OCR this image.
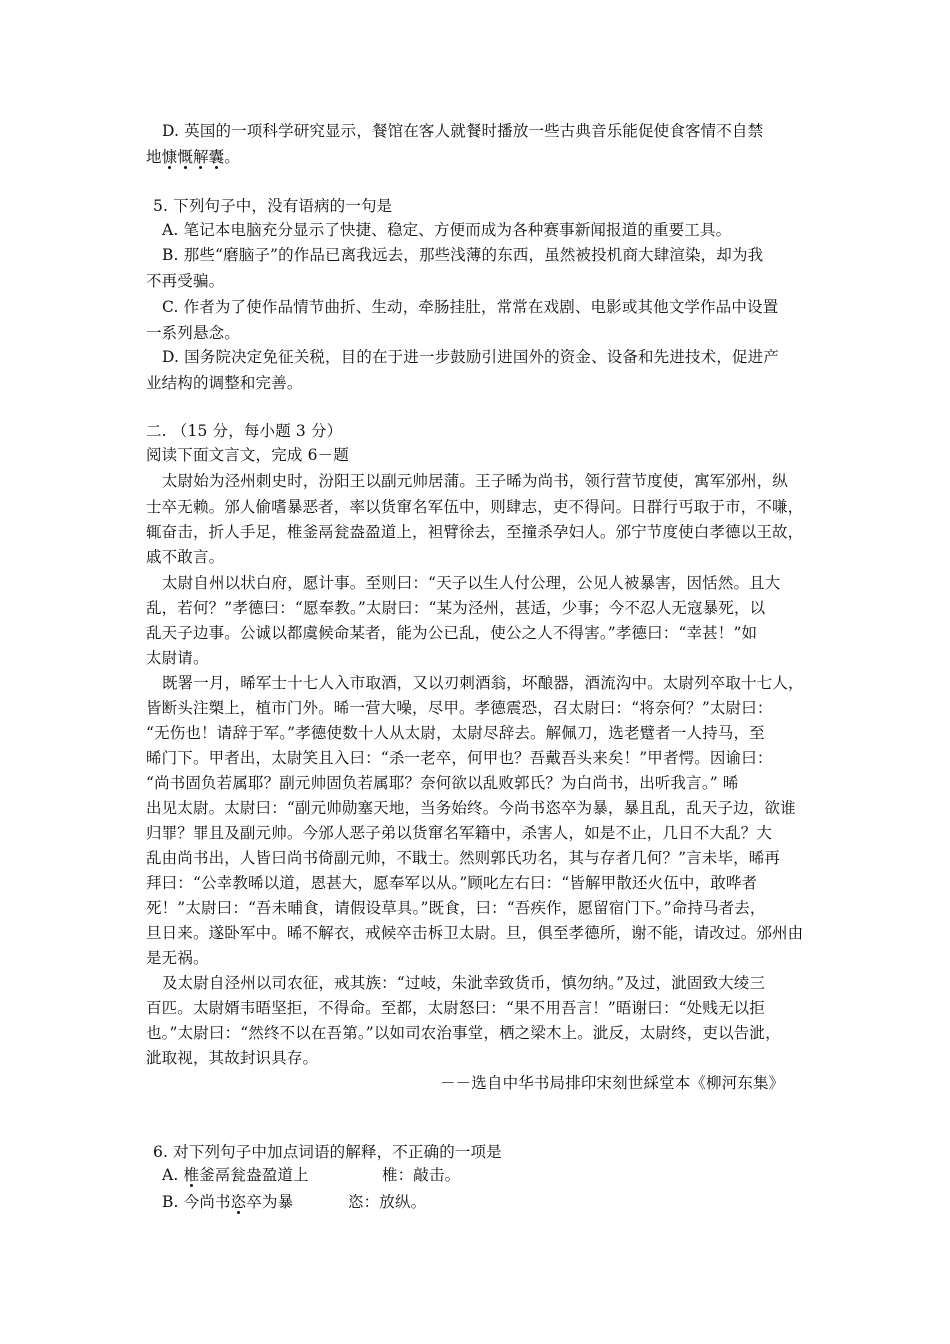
D. 英国的一项科学研究显示，餐馆在客人就餐时播放一些古典音乐能促使食客情不自禁
地慷慨解囊。
5. 下列句子中，没有语病的一句是
A. 笔记本电脑充分显示了快捷、稳定、方便而成为各种赛事新闻报道的重要工具。
B. 那些“磨脑子”的作品已离我远去，那些浅薄的东西，虽然被投机商大肆渲染，却为我
不再受骗。
C. 作者为了使作品情节曲折、生动，牵肠挂肚，常常在戏剧、电影或其他文学作品中设置
一系列悬念。
D. 国务院决定免征关税，目的在于进一步鼓励引进国外的资金、设备和先进技术，促进产
业结构的调整和完善。
二. （15 分，每小题 3 分）
阅读下面文言文，完成 6－题
太尉始为泾州刺史时，汾阳王以副元帅居蒲。王子晞为尚书，领行营节度使，寓军邠州，纵
士卒无赖。邠人偷嗜暴恶者，率以货窜名军伍中，则肆志，吏不得问。日群行丐取于市，不嗛，
辄奋击，折人手足，椎釜鬲瓮盎盈道上，袒臂徐去，至撞杀孕妇人。邠宁节度使白孝德以王故，
戚不敢言。
太尉自州以状白府，愿计事。至则曰：“天子以生人付公理，公见人被暴害，因恬然。且大
乱，若何？”孝德曰：“愿奉教。”太尉曰：“某为泾州，甚适，少事；今不忍人无寇暴死，以
乱天子边事。公诚以都虞候命某者，能为公已乱，使公之人不得害。”孝德曰：“幸甚！”如
太尉请。
既署一月，晞军士十七人入市取酒，又以刃刺酒翁，坏酿器，酒流沟中。太尉列卒取十七人，
皆断头注槊上，植市门外。晞一营大噪，尽甲。孝德震恐，召太尉曰：“将奈何？”太尉曰：
“无伤也！请辞于军。”孝德使数十人从太尉，太尉尽辞去。解佩刀，选老躄者一人持马，至
晞门下。甲者出，太尉笑且入曰：“杀一老卒，何甲也？吾戴吾头来矣！”甲者愕。因谕曰：
“尚书固负若属耶？副元帅固负若属耶？奈何欲以乱败郭氏？为白尚书，出听我言。” 晞
出见太尉。太尉曰：“副元帅勋塞天地，当务始终。今尚书恣卒为暴，暴且乱，乱天子边，欲谁
归罪？罪且及副元帅。今邠人恶子弟以货窜名军籍中，杀害人，如是不止，几日不大乱？大
乱由尚书出，人皆曰尚书倚副元帅，不戢士。然则郭氏功名，其与存者几何？”言未毕，晞再
拜曰：“公幸教晞以道，恩甚大，愿奉军以从。”顾叱左右曰：“皆解甲散还火伍中，敢哗者
死！”太尉曰：“吾未晡食，请假设草具。”既食，曰：“吾疾作，愿留宿门下。”命持马者去，
旦日来。遂卧军中。晞不解衣，戒候卒击柝卫太尉。旦，俱至孝德所，谢不能，请改过。邠州由
是无祸。
及太尉自泾州以司农征，戒其族：“过岐，朱泚幸致货币，慎勿纳。”及过，泚固致大绫三
百匹。太尉婿韦晤坚拒，不得命。至都，太尉怒曰：“果不用吾言！”晤谢曰：“处贱无以拒
也。”太尉曰：“然终不以在吾第。”以如司农治事堂，栖之梁木上。泚反，太尉终，吏以告泚，
泚取视，其故封识具存。
－－选自中华书局排印宋刻世綵堂本《柳河东集》
6. 对下列句子中加点词语的解释，不正确的一项是
A. 椎釜鬲瓮盎盈道上	椎：敲击。
B. 今尚书恣卒为暴	恣：放纵。
